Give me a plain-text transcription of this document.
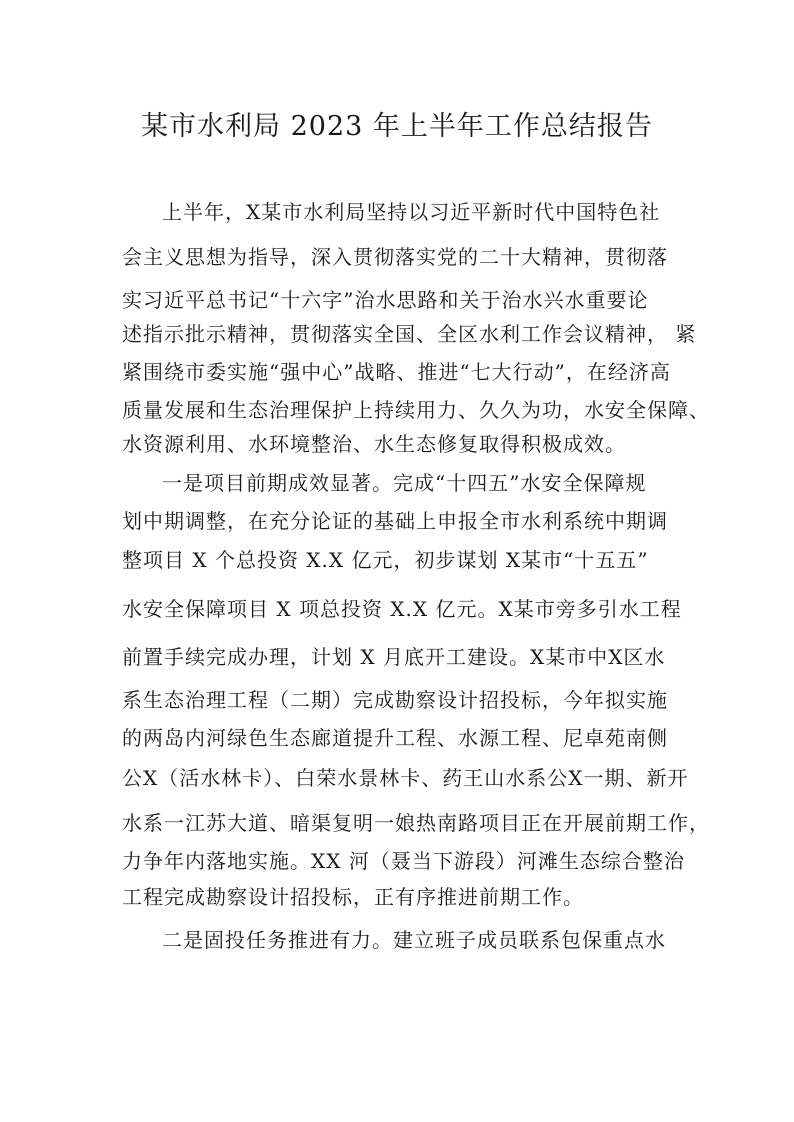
某市水利局 2023 年上半年工作总结报告

上半年，X某市水利局坚持以习近平新时代中国特色社

会主义思想为指导，深入贯彻落实党的二十大精神，贯彻落

实习近平总书记“十六字”治水思路和关于治水兴水重要论

述指示批示精神，贯彻落实全国、全区水利工作会议精神， 紧

紧围绕市委实施“强中心”战略、推进“七大行动”，在经济高

质量发展和生态治理保护上持续用力、久久为功，水安全保障、

水资源利用、水环境整治、水生态修复取得积极成效。

一是项目前期成效显著。完成“十四五”水安全保障规

划中期调整，在充分论证的基础上申报全市水利系统中期调

整项目 X 个总投资 X.X 亿元，初步谋划 X某市“十五五”

水安全保障项目 X 项总投资 X.X 亿元。X某市旁多引水工程

前置手续完成办理，计划 X 月底开工建设。X某市中X区水

系生态治理工程（二期）完成勘察设计招投标，今年拟实施

的两岛内河绿色生态廊道提升工程、水源工程、尼卓苑南侧

公X（活水林卡）、白荣水景林卡、药王山水系公X一期、新开

水系一江苏大道、暗渠复明一娘热南路项目正在开展前期工作，

力争年内落地实施。XX 河（聂当下游段）河滩生态综合整治

工程完成勘察设计招投标，正有序推进前期工作。

二是固投任务推进有力。建立班子成员联系包保重点水
